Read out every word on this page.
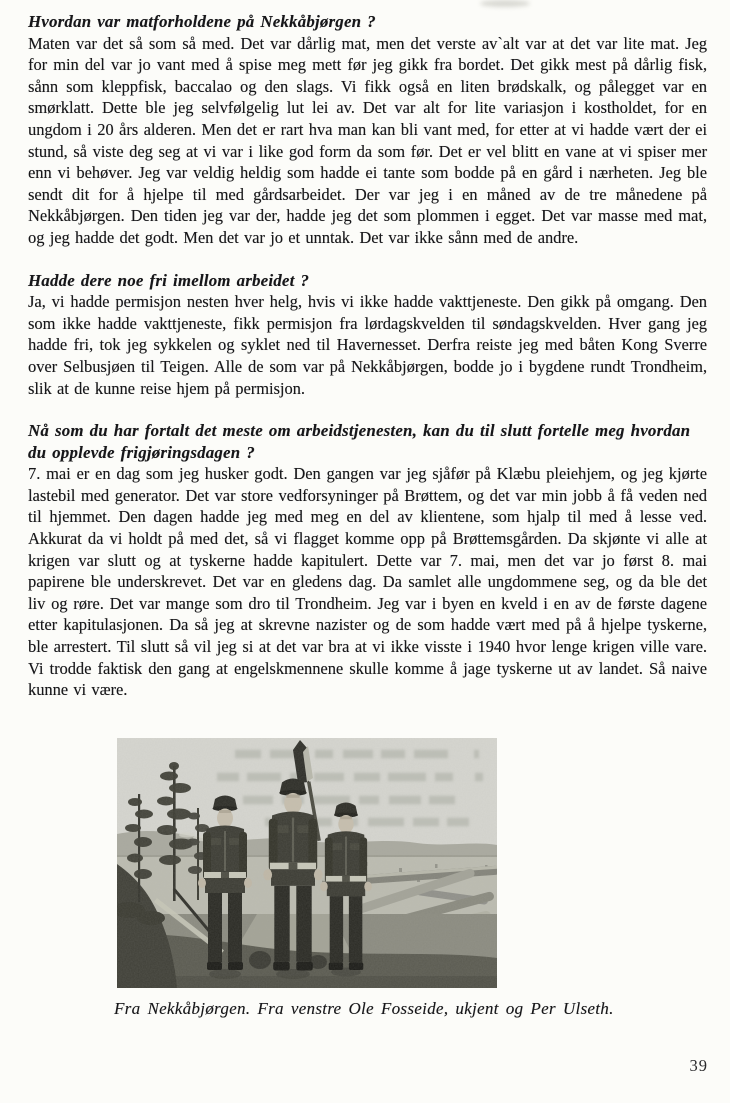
Hvordan var matforholdene på Nekkåbjørgen ?

Maten var det så som så med. Det var dårlig mat, men det verste av`alt var at det var lite mat. Jeg for min del var jo vant med å spise meg mett før jeg gikk fra bordet. Det gikk mest på dårlig fisk, sånn som kleppfisk, baccalao og den slags. Vi fikk også en liten brødskalk, og pålegget var en smørklatt. Dette ble jeg selvfølgelig lut lei av. Det var alt for lite variasjon i kostholdet, for en ungdom i 20 års alderen. Men det er rart hva man kan bli vant med, for etter at vi hadde vært der ei stund, så viste deg seg at vi var i like god form da som før. Det er vel blitt en vane at vi spiser mer enn vi behøver. Jeg var veldig heldig som hadde ei tante som bodde på en gård i nærheten. Jeg ble sendt dit for å hjelpe til med gårdsarbeidet. Der var jeg i en måned av de tre månedene på Nekkåbjørgen. Den tiden jeg var der, hadde jeg det som plommen i egget. Det var masse med mat, og jeg hadde det godt. Men det var jo et unntak. Det var ikke sånn med de andre.

Hadde dere noe fri imellom arbeidet ?

Ja, vi hadde permisjon nesten hver helg, hvis vi ikke hadde vakttjeneste. Den gikk på omgang. Den som ikke hadde vakttjeneste, fikk permisjon fra lørdagskvelden til søndagskvelden. Hver gang jeg hadde fri, tok jeg sykkelen og syklet ned til Havernesset. Derfra reiste jeg med båten Kong Sverre over Selbusjøen til Teigen. Alle de som var på Nekkåbjørgen, bodde jo i bygdene rundt Trondheim, slik at de kunne reise hjem på permisjon.

Nå som du har fortalt det meste om arbeidstjenesten, kan du til slutt fortelle meg hvordan du opplevde frigjøringsdagen ?

7. mai er en dag som jeg husker godt. Den gangen var jeg sjåfør på Klæbu pleiehjem, og jeg kjørte lastebil med generator. Det var store vedforsyninger på Brøttem, og det var min jobb å få veden ned til hjemmet. Den dagen hadde jeg med meg en del av klientene, som hjalp til med å lesse ved. Akkurat da vi holdt på med det, så vi flagget komme opp på Brøttemsgården. Da skjønte vi alle at krigen var slutt og at tyskerne hadde kapitulert. Dette var 7. mai, men det var jo først 8. mai papirene ble underskrevet. Det var en gledens dag. Da samlet alle ungdommene seg, og da ble det liv og røre. Det var mange som dro til Trondheim. Jeg var i byen en kveld i en av de første dagene etter kapitulasjonen. Da så jeg at skrevne nazister og de som hadde vært med på å hjelpe tyskerne, ble arrestert. Til slutt så vil jeg si at det var bra at vi ikke visste i 1940 hvor lenge krigen ville vare. Vi trodde faktisk den gang at engelskmennene skulle komme å jage tyskerne ut av landet. Så naive kunne vi være.

Fra Nekkåbjørgen. Fra venstre Ole Fosseide, ukjent og Per Ulseth.
39
